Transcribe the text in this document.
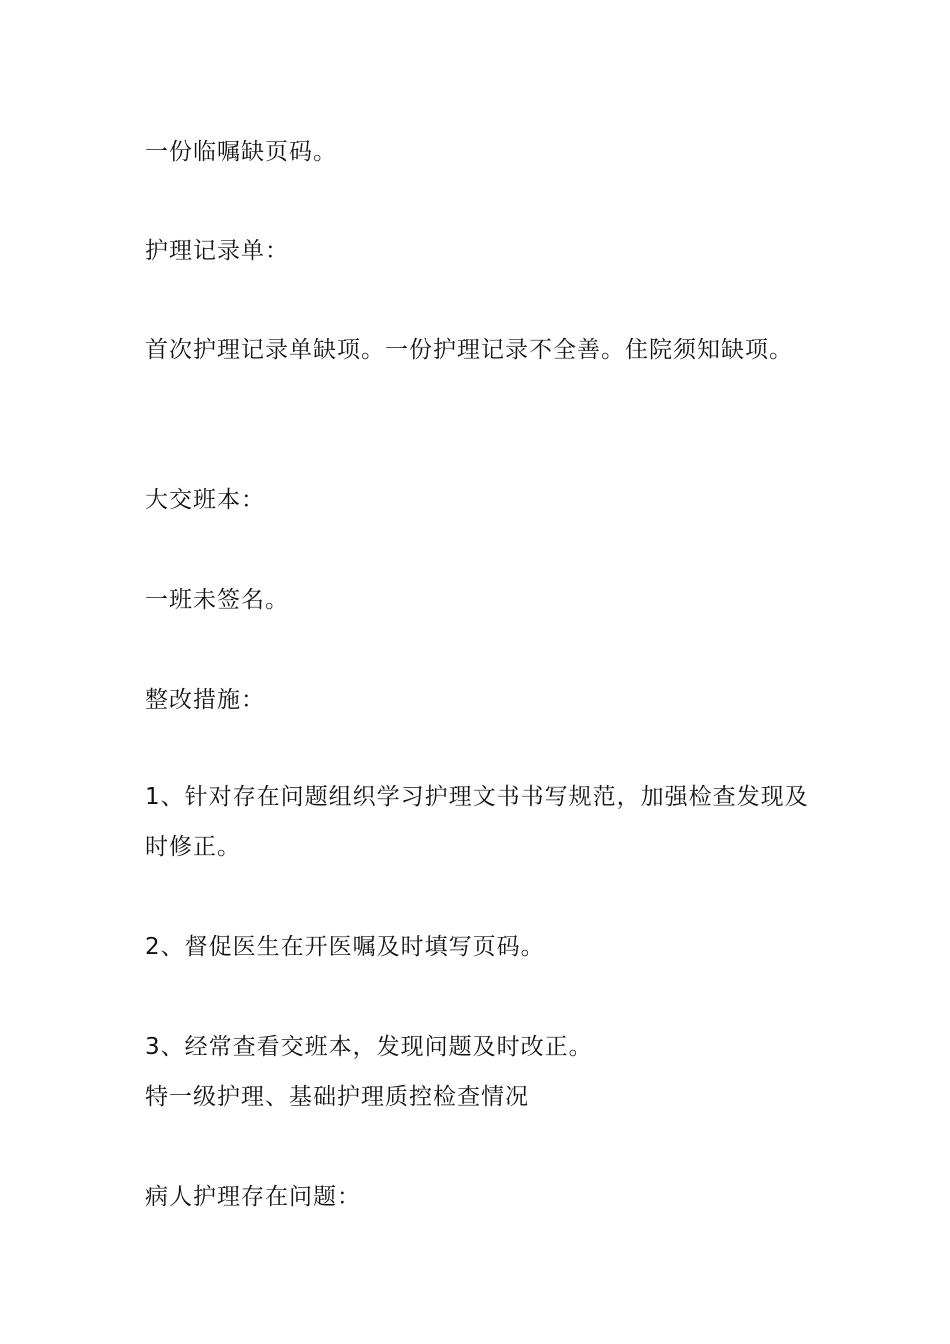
一份临嘱缺页码。
护理记录单：
首次护理记录单缺项。一份护理记录不全善。住院须知缺项。
大交班本：
一班未签名。
整改措施：
1、针对存在问题组织学习护理文书书写规范，加强检查发现及时修正。
2、督促医生在开医嘱及时填写页码。
3、经常查看交班本，发现问题及时改正。
特一级护理、基础护理质控检查情况
病人护理存在问题：
